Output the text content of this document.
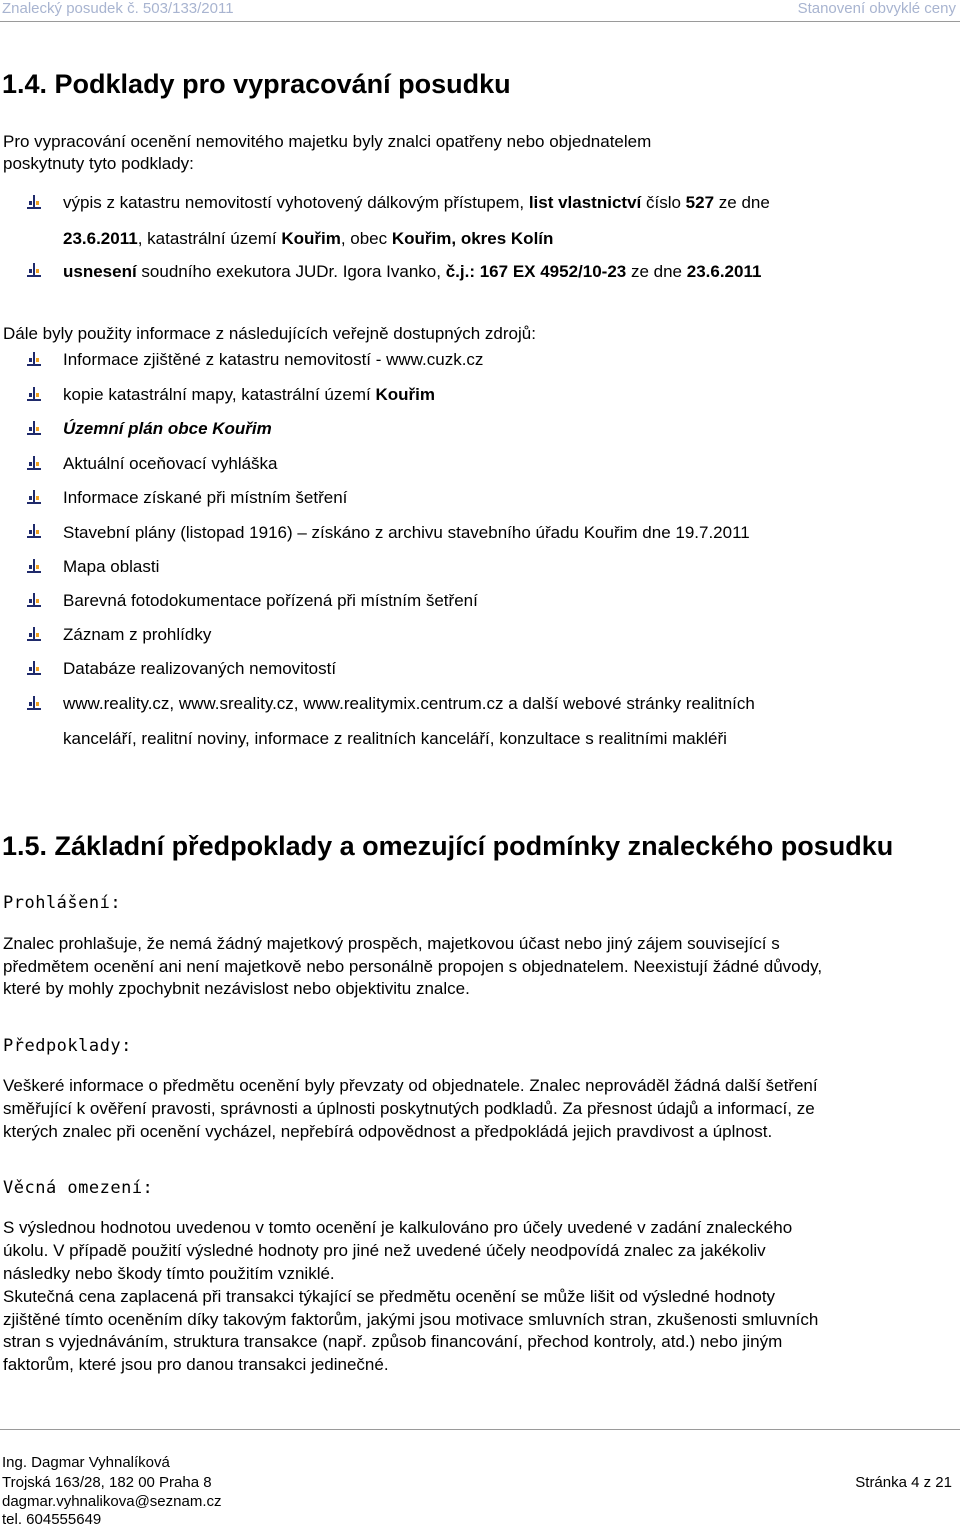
Znalecký posudek č. 503/133/2011	Stanovení obvyklé ceny
1.4. Podklady pro vypracování posudku
Pro vypracování ocenění nemovitého majetku byly znalci opatřeny nebo objednatelem
poskytnuty tyto podklady:
výpis z katastru nemovitostí vyhotovený dálkovým přístupem, list vlastnictví číslo 527 ze dne
23.6.2011, katastrální území Kouřim, obec Kouřim, okres Kolín
usnesení soudního exekutora JUDr. Igora Ivanko, č.j.: 167 EX 4952/10-23 ze dne 23.6.2011
Dále byly použity informace z následujících veřejně dostupných zdrojů:
Informace zjištěné z katastru nemovitostí - www.cuzk.cz
kopie katastrální mapy, katastrální území Kouřim
Územní plán obce Kouřim
Aktuální oceňovací vyhláška
Informace získané při místním šetření
Stavební plány (listopad 1916) – získáno z archivu stavebního úřadu Kouřim dne 19.7.2011
Mapa oblasti
Barevná fotodokumentace pořízená při místním šetření
Záznam z prohlídky
Databáze realizovaných nemovitostí
www.reality.cz, www.sreality.cz, www.realitymix.centrum.cz a další webové stránky realitních
kanceláří, realitní noviny, informace z realitních kanceláří, konzultace s realitními makléři
1.5. Základní předpoklady a omezující podmínky znaleckého posudku
Prohlášení:
Znalec prohlašuje, že nemá žádný majetkový prospěch, majetkovou účast nebo jiný zájem související s
předmětem ocenění ani není majetkově nebo personálně propojen s objednatelem. Neexistují žádné důvody,
které by mohly zpochybnit nezávislost nebo objektivitu znalce.
Předpoklady:
Veškeré informace o předmětu ocenění byly převzaty od objednatele. Znalec neprováděl žádná další šetření
směřující k ověření pravosti, správnosti a úplnosti poskytnutých podkladů. Za přesnost údajů a informací, ze
kterých znalec při ocenění vycházel, nepřebírá odpovědnost a předpokládá jejich pravdivost a úplnost.
Věcná omezení:
S výslednou hodnotou uvedenou v tomto ocenění je kalkulováno pro účely uvedené v zadání znaleckého
úkolu. V případě použití výsledné hodnoty pro jiné než uvedené účely neodpovídá znalec za jakékoliv
následky nebo škody tímto použitím vzniklé.
Skutečná cena zaplacená při transakci týkající se předmětu ocenění se může lišit od výsledné hodnoty
zjištěné tímto oceněním díky takovým faktorům, jakými jsou motivace smluvních stran, zkušenosti smluvních
stran s vyjednáváním, struktura transakce (např. způsob financování, přechod kontroly, atd.) nebo jiným
faktorům, které jsou pro danou transakci jedinečné.
Ing. Dagmar Vyhnalíková
Trojská 163/28, 182 00 Praha 8
dagmar.vyhnalikova@seznam.cz
tel. 604555649
Stránka 4 z 21
